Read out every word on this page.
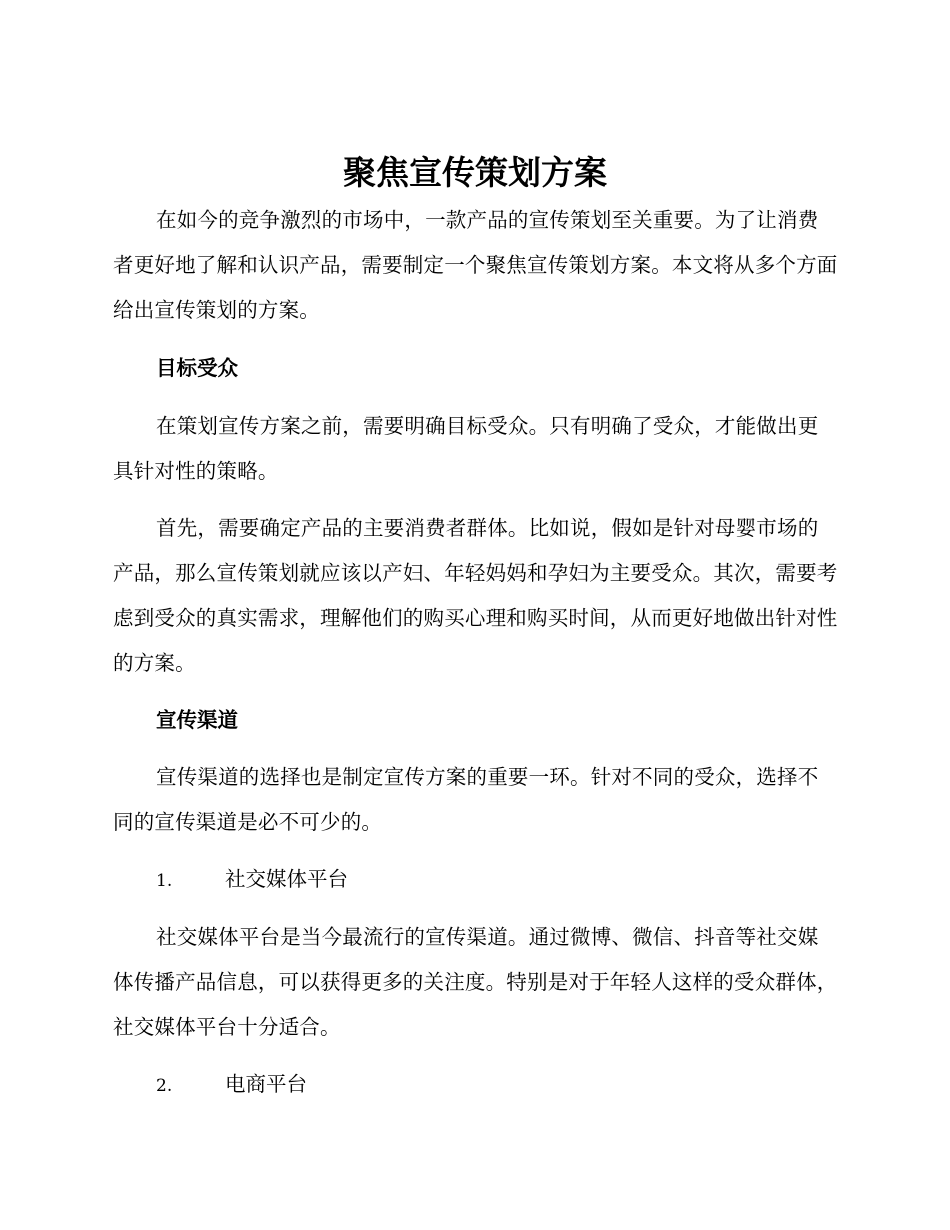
聚焦宣传策划方案

在如今的竞争激烈的市场中，一款产品的宣传策划至关重要。为了让消费者更好地了解和认识产品，需要制定一个聚焦宣传策划方案。本文将从多个方面给出宣传策划的方案。

目标受众

在策划宣传方案之前，需要明确目标受众。只有明确了受众，才能做出更具针对性的策略。

首先，需要确定产品的主要消费者群体。比如说，假如是针对母婴市场的产品，那么宣传策划就应该以产妇、年轻妈妈和孕妇为主要受众。其次，需要考虑到受众的真实需求，理解他们的购买心理和购买时间，从而更好地做出针对性的方案。

宣传渠道

宣传渠道的选择也是制定宣传方案的重要一环。针对不同的受众，选择不同的宣传渠道是必不可少的。

1.	社交媒体平台

社交媒体平台是当今最流行的宣传渠道。通过微博、微信、抖音等社交媒体传播产品信息，可以获得更多的关注度。特别是对于年轻人这样的受众群体，社交媒体平台十分适合。

2.	电商平台
